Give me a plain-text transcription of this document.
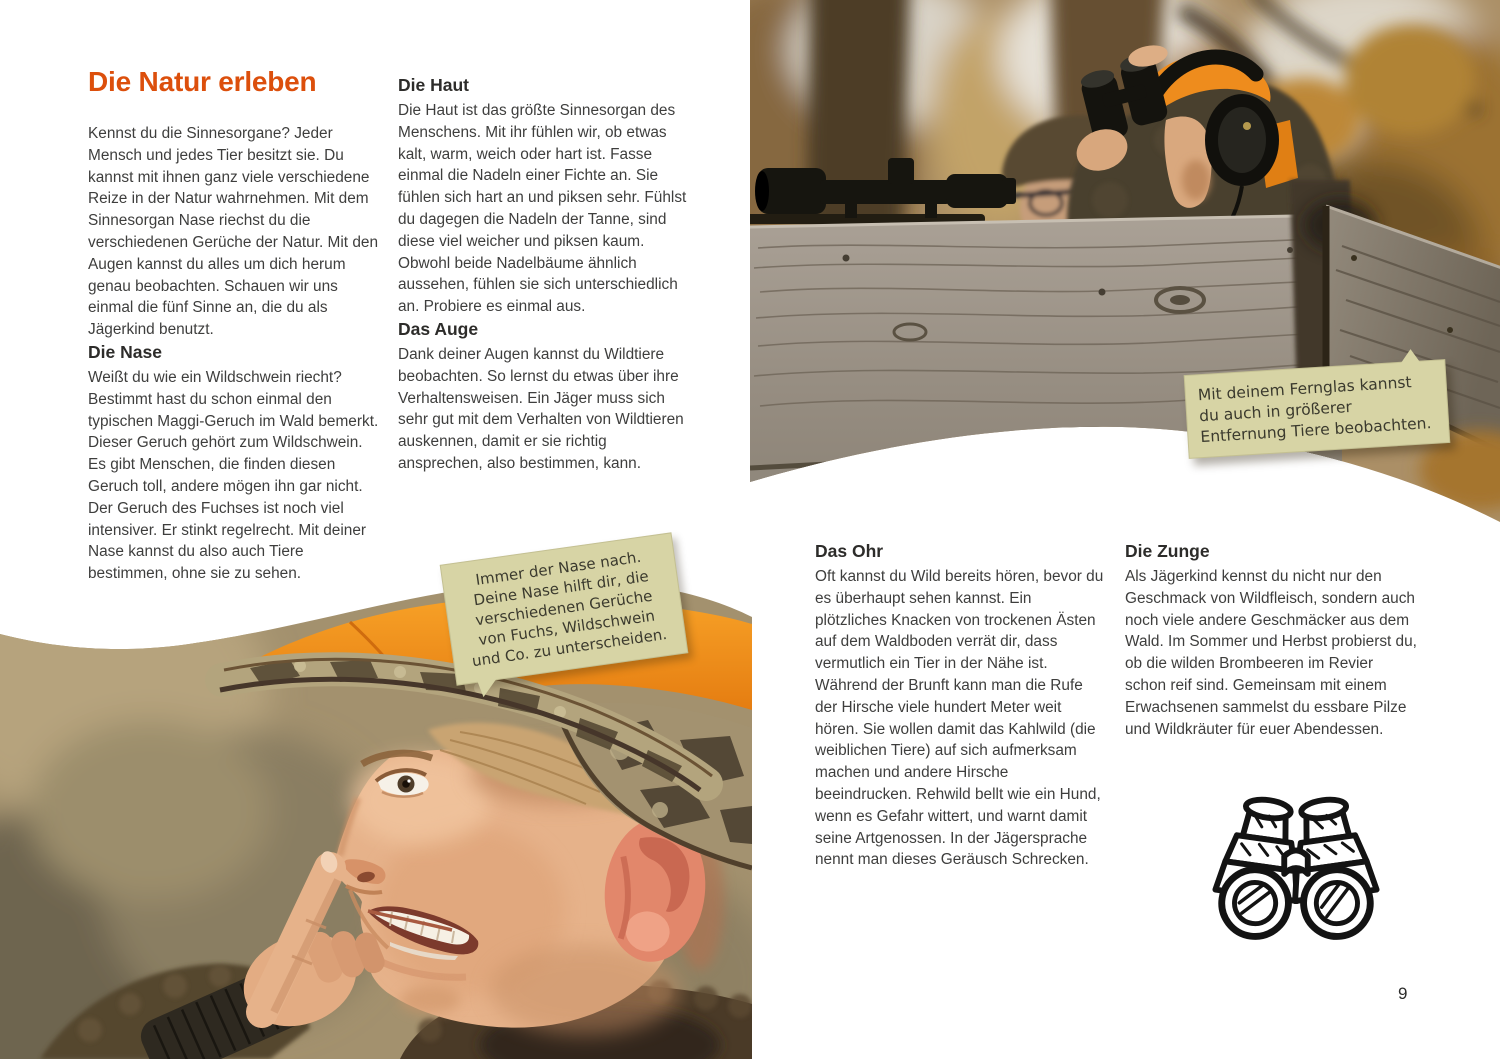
Mit deinem Fernglas kannst du auch in größerer Entfernung Tiere beobachten.
Die Natur erleben

Kennst du die Sinnesorgane? Jeder Mensch und jedes Tier besitzt sie. Du kannst mit ihnen ganz viele verschiedene Reize in der Natur wahrnehmen. Mit dem Sinnesorgan Nase riechst du die verschiedenen Gerüche der Natur. Mit den Augen kannst du alles um dich herum genau beobachten. Schauen wir uns einmal die fünf Sinne an, die du als Jägerkind benutzt.

Die Nase

Weißt du wie ein Wildschwein riecht? Bestimmt hast du schon einmal den typischen Maggi-Geruch im Wald bemerkt. Dieser Geruch gehört zum Wildschwein. Es gibt Menschen, die finden diesen Geruch toll, andere mögen ihn gar nicht. Der Geruch des Fuchses ist noch viel intensiver. Er stinkt regelrecht. Mit deiner Nase kannst du also auch Tiere bestimmen, ohne sie zu sehen.

Die Haut

Die Haut ist das größte Sinnesorgan des Menschens. Mit ihr fühlen wir, ob etwas kalt, warm, weich oder hart ist. Fasse einmal die Nadeln einer Fichte an. Sie fühlen sich hart an und piksen sehr. Fühlst du dagegen die Nadeln der Tanne, sind diese viel weicher und piksen kaum. Obwohl beide Nadelbäume ähnlich aussehen, fühlen sie sich unterschiedlich an. Probiere es einmal aus.

Das Auge

Dank deiner Augen kannst du Wildtiere beobachten. So lernst du etwas über ihre Verhaltensweisen. Ein Jäger muss sich sehr gut mit dem Verhalten von Wildtieren auskennen, damit er sie richtig ansprechen, also bestimmen, kann.

Das Ohr

Oft kannst du Wild bereits hören, bevor du es überhaupt sehen kannst. Ein plötzliches Knacken von trockenen Ästen auf dem Waldboden verrät dir, dass vermutlich ein Tier in der Nähe ist. Während der Brunft kann man die Rufe der Hirsche viele hundert Meter weit hören. Sie wollen damit das Kahlwild (die weiblichen Tiere) auf sich aufmerksam machen und andere Hirsche beeindrucken. Rehwild bellt wie ein Hund, wenn es Gefahr wittert, und warnt damit seine Artgenossen. In der Jägersprache nennt man dieses Geräusch Schrecken.

Die Zunge

Als Jägerkind kennst du nicht nur den Geschmack von Wildfleisch, sondern auch noch viele andere Geschmäcker aus dem Wald. Im Sommer und Herbst probierst du, ob die wilden Brombeeren im Revier schon reif sind. Gemeinsam mit einem Erwachsenen sammelst du essbare Pilze und Wildkräuter für euer Abendessen.

Immer der Nase nach. Deine Nase hilft dir, die verschiedenen Gerüche von Fuchs, Wildschwein und Co. zu unterscheiden.
9
